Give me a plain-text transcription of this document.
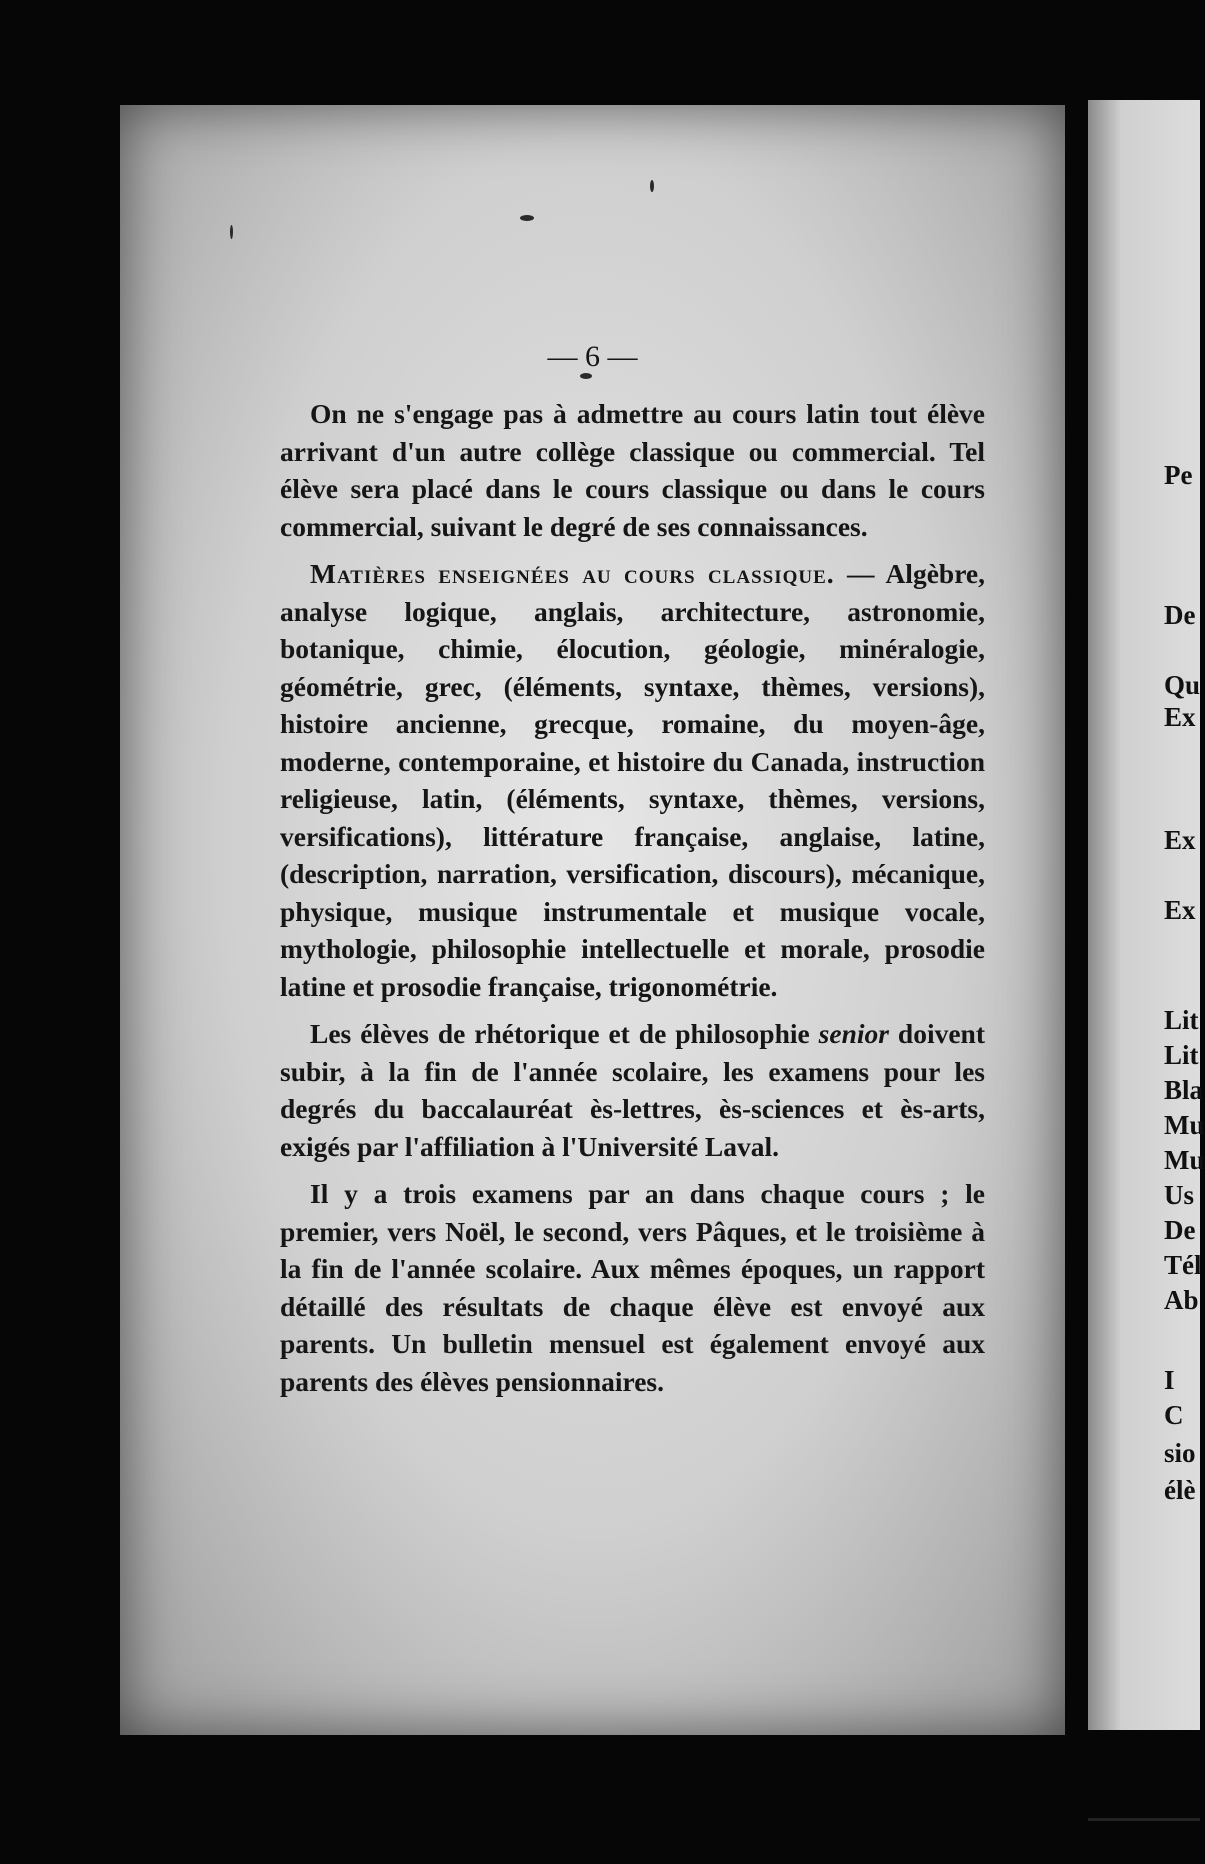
— 6 —

On ne s'engage pas à admettre au cours latin tout élève arrivant d'un autre collège classique ou commercial. Tel élève sera placé dans le cours classique ou dans le cours commercial, suivant le degré de ses connaissances.

Matières enseignées au cours classique. — Algèbre, analyse logique, anglais, architecture, astronomie, botanique, chimie, élocution, géologie, minéralogie, géométrie, grec, (éléments, syntaxe, thèmes, versions), histoire ancienne, grecque, romaine, du moyen-âge, moderne, contemporaine, et histoire du Canada, instruction religieuse, latin, (éléments, syntaxe, thèmes, versions, versifications), littérature française, anglaise, latine, (description, narration, versification, discours), mécanique, physique, musique instrumentale et musique vocale, mythologie, philosophie intellectuelle et morale, prosodie latine et prosodie française, trigonométrie.

Les élèves de rhétorique et de philosophie senior doivent subir, à la fin de l'année scolaire, les examens pour les degrés du baccalauréat ès-lettres, ès-sciences et ès-arts, exigés par l'affiliation à l'Université Laval.

Il y a trois examens par an dans chaque cours ; le premier, vers Noël, le second, vers Pâques, et le troisième à la fin de l'année scolaire. Aux mêmes époques, un rapport détaillé des résultats de chaque élève est envoyé aux parents. Un bulletin mensuel est également envoyé aux parents des élèves pensionnaires.

Pe
De
Qu
Ex
Ex
Ex
Lit
Lit
Bla
Mu
Mu
Us
De
Tél
Ab
I
C
sio
élè
